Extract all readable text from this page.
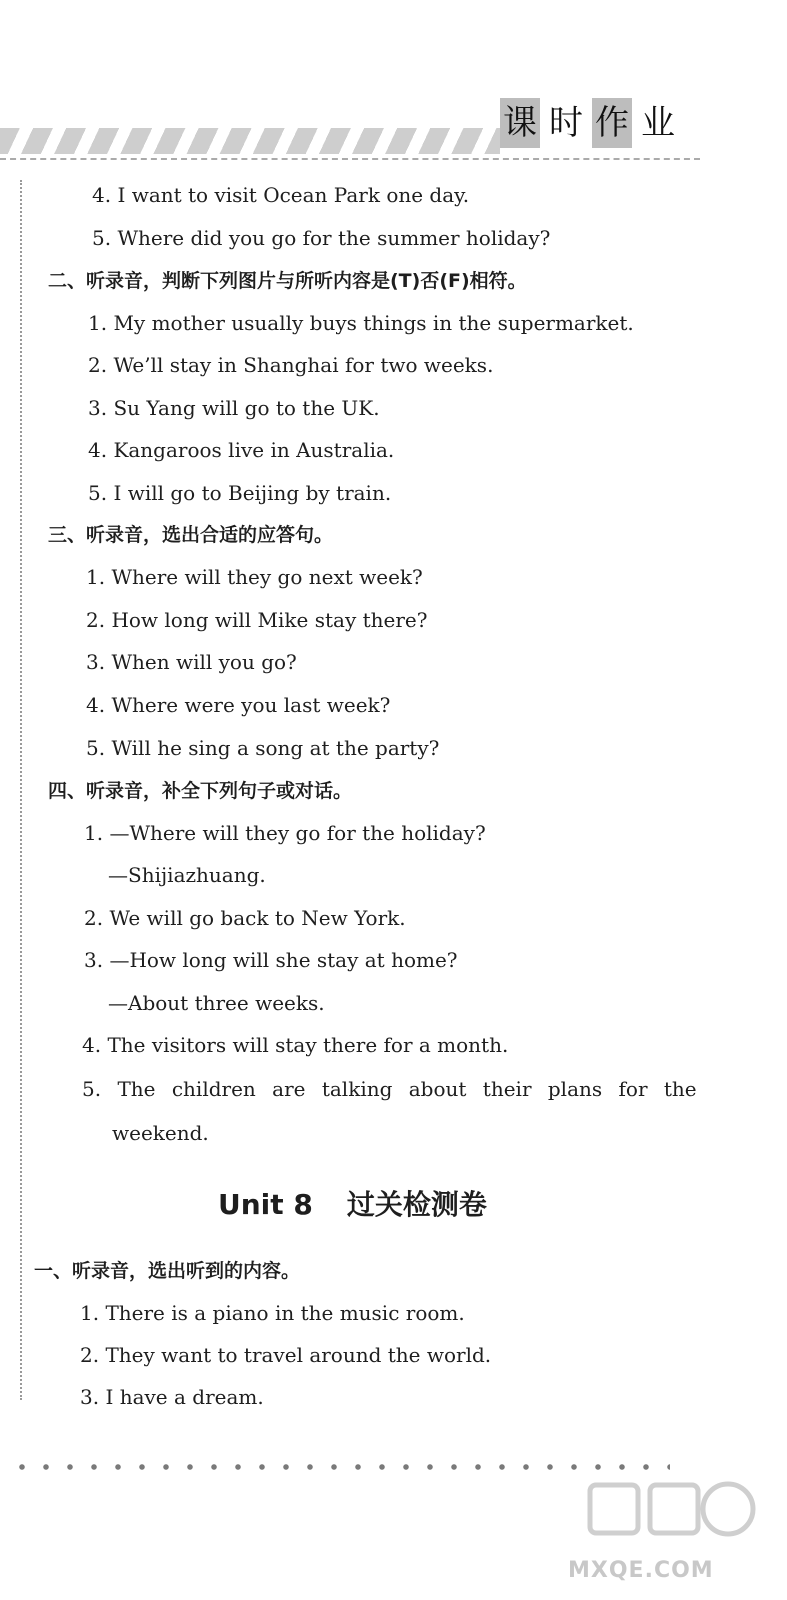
课 时 作 业
4. I want to visit Ocean Park one day.
5. Where did you go for the summer holiday?
二、听录音，判断下列图片与所听内容是(T)否(F)相符。
1. My mother usually buys things in the supermarket.
2. We’ll stay in Shanghai for two weeks.
3. Su Yang will go to the UK.
4. Kangaroos live in Australia.
5. I will go to Beijing by train.
三、听录音，选出合适的应答句。
1. Where will they go next week?
2. How long will Mike stay there?
3. When will you go?
4. Where were you last week?
5. Will he sing a song at the party?
四、听录音，补全下列句子或对话。
1. —Where will they go for the holiday?
—Shijiazhuang.
2. We will go back to New York.
3. —How long will she stay at home?
—About three weeks.
4. The visitors will stay there for a month.
5. The children are talking about their plans for the
weekend.
Unit 8 过关检测卷
一、听录音，选出听到的内容。
1. There is a piano in the music room.
2. They want to travel around the world.
3. I have a dream.
MXQE.COM
